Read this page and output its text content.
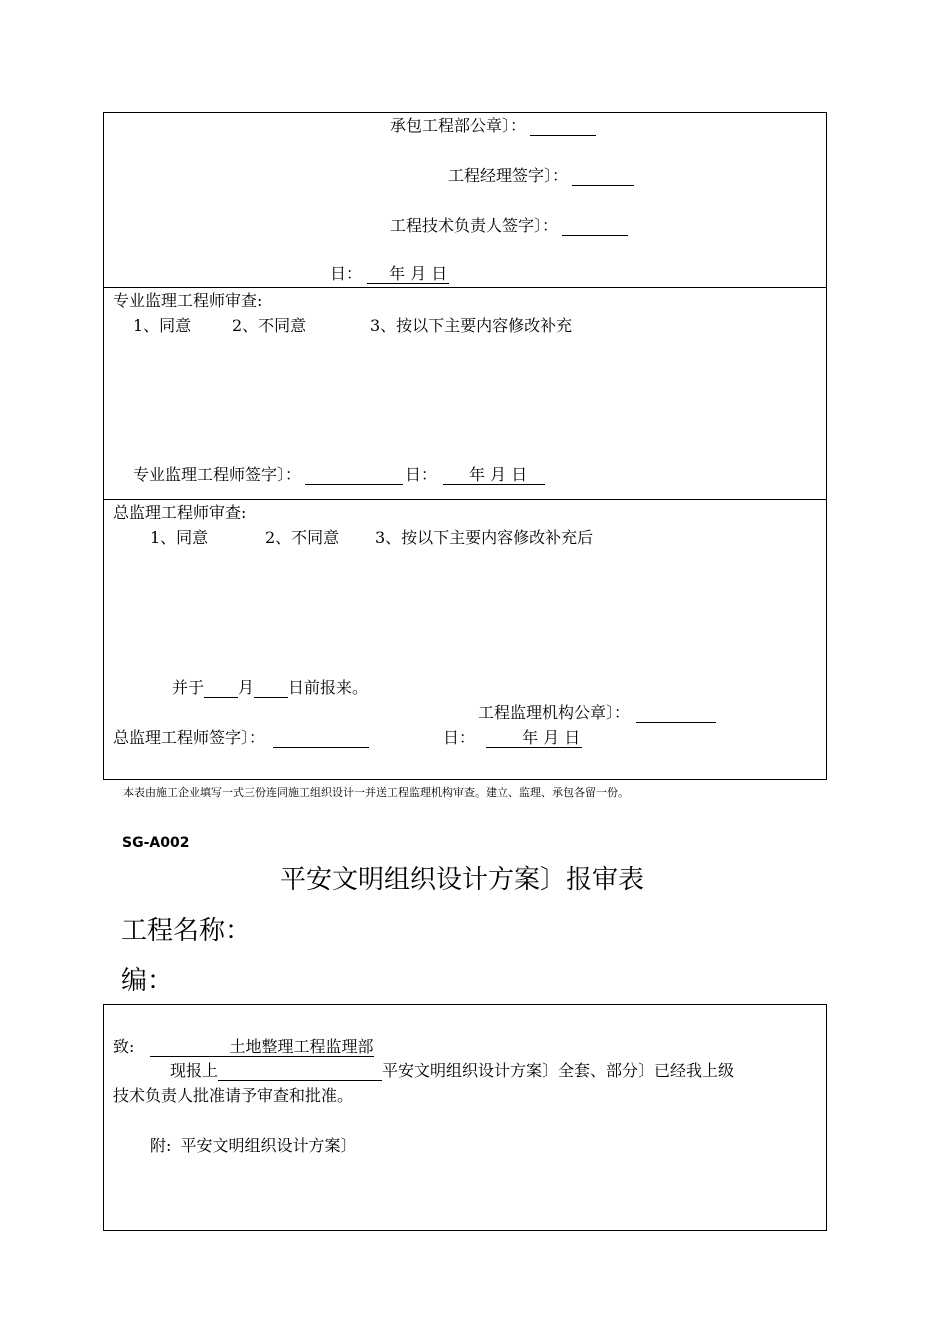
承包工程部公章〕：
工程经理签字〕：
工程技术负责人签字〕：
日： 年 月 日
专业监理工程师审查:
1、同意	2、不同意	3、按以下主要内容修改补充
专业监理工程师签字〕：	日： 年 月 日
总监理工程师审查:
1、同意	2、不同意 3、按以下主要内容修改补充后
并于 月 日前报来。
工程监理机构公章〕：
总监理工程师签字〕：	日：	年 月 日
本表由施工企业填写一式三份连同施工组织设计一并送工程监理机构审查。建立、监理、承包各留一份。
SG-A002
平安文明组织设计方案〕报审表
工程名称：
编：
致:	土地整理工程监理部
现报上	平安文明组织设计方案〕全套、部分〕已经我上级
技术负责人批准请予审查和批准。
附: 平安文明组织设计方案〕
